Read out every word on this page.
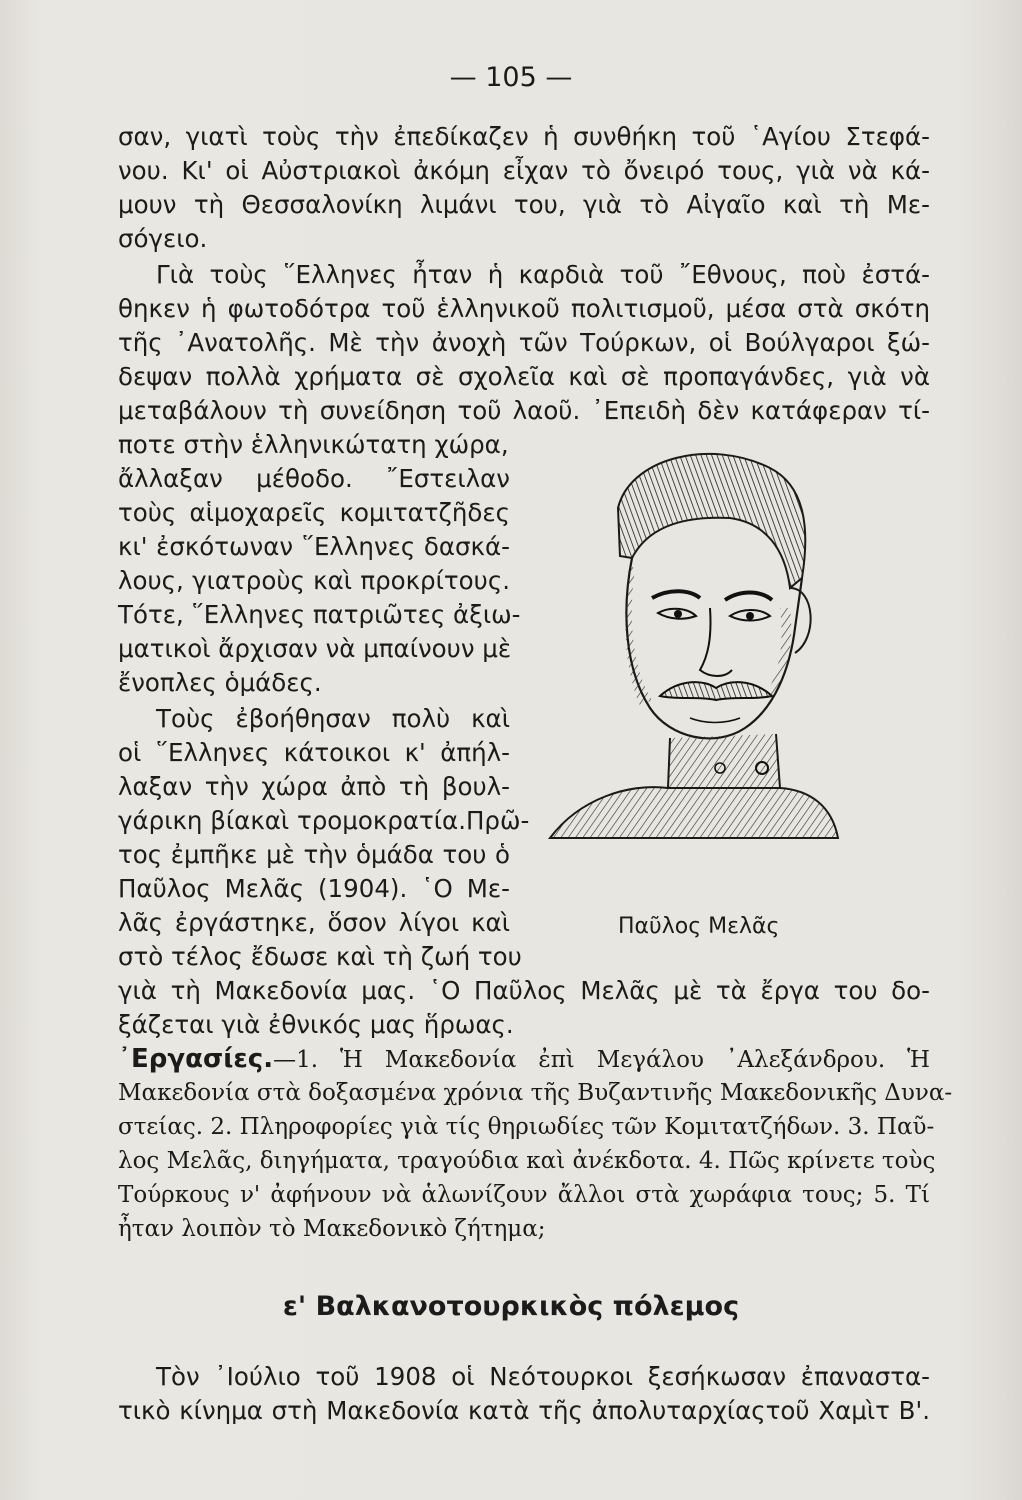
— 105 —
σαν, γιατὶ τοὺς τὴν ἐπεδίκαζεν ἡ συνθήκη τοῦ ῾Αγίου Στεφά-
νου. Κι' οἱ Αὐστριακοὶ ἀκόμη εἶχαν τὸ ὄνειρό τους, γιὰ νὰ κά-
μουν τὴ Θεσσαλονίκη λιμάνι του, γιὰ τὸ Αἰγαῖο καὶ τὴ Με-
σόγειο.
Γιὰ τοὺς ῞Ελληνες ἦταν ἡ καρδιὰ τοῦ ῎Εθνους, ποὺ ἐστά-
θηκεν ἡ φωτοδότρα τοῦ ἑλληνικοῦ πολιτισμοῦ, μέσα στὰ σκότη
τῆς ᾿Ανατολῆς. Μὲ τὴν ἀνοχὴ τῶν Τούρκων, οἱ Βούλγαροι ξώ-
δεψαν πολλὰ χρήματα σὲ σχολεῖα καὶ σὲ προπαγάνδες, γιὰ νὰ
μεταβάλουν τὴ συνείδηση τοῦ λαοῦ. ᾿Επειδὴ δὲν κατάφεραν τί-
ποτε στὴν ἑλληνικώτατη χώρα,
ἄλλαξαν μέθοδο. ῎Εστειλαν
τοὺς αἱμοχαρεῖς κομιτατζῆδες
κι' ἐσκότωναν ῞Ελληνες δασκά-
λους, γιατροὺς καὶ προκρίτους.
Τότε, ῞Ελληνες πατριῶτες ἀξιω-
ματικοὶ ἄρχισαν νὰ μπαίνουν μὲ
ἔνοπλες ὁμάδες.
Τοὺς ἐβοήθησαν πολὺ καὶ
οἱ ῞Ελληνες κάτοικοι κ' ἀπήλ-
λαξαν τὴν χώρα ἀπὸ τὴ βουλ-
γάρικη βίακαὶ τρομοκρατία.Πρῶ-
τος ἐμπῆκε μὲ τὴν ὁμάδα του ὁ
Παῦλος Μελᾶς (1904). ῾Ο Με-
λᾶς ἐργάστηκε, ὅσον λίγοι καὶ
στὸ τέλος ἔδωσε καὶ τὴ ζωή του
γιὰ τὴ Μακεδονία μας. ῾Ο Παῦλος Μελᾶς μὲ τὰ ἔργα του δο-
ξάζεται γιὰ ἐθνικός μας ἥρωας.
Παῦλος Μελᾶς
᾿Εργασίες.—1. Ἡ Μακεδονία ἐπὶ Μεγάλου ᾿Αλεξάνδρου. Ἡ
Μακεδονία στὰ δοξασμένα χρόνια τῆς Βυζαντινῆς Μακεδονικῆς Δυνα-
στείας. 2. Πληροφορίες γιὰ τίς θηριωδίες τῶν Κομιτατζήδων. 3. Παῦ-
λος Μελᾶς, διηγήματα, τραγούδια καὶ ἀνέκδοτα. 4. Πῶς κρίνετε τοὺς
Τούρκους ν' ἀφήνουν νὰ ἁλωνίζουν ἄλλοι στὰ χωράφια τους; 5. Τί
ἦταν λοιπὸν τὸ Μακεδονικὸ ζήτημα;
ε' Βαλκανοτουρκικὸς πόλεμος
Τὸν ᾿Ιούλιο τοῦ 1908 οἱ Νεότουρκοι ξεσήκωσαν ἐπαναστα-
τικὸ κίνημα στὴ Μακεδονία κατὰ τῆς ἀπολυταρχίαςτοῦ Χαμὶτ Β'.
